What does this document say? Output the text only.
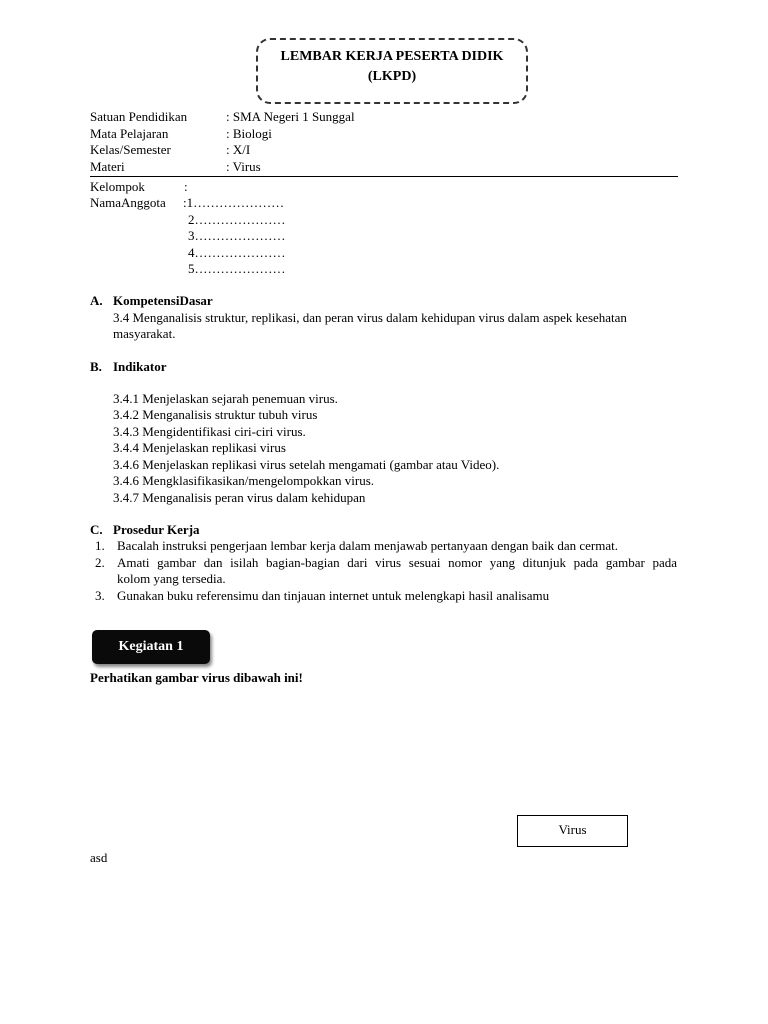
LEMBAR KERJA PESERTA DIDIK
(LKPD)
Satuan Pendidikan	: SMA Negeri 1 Sunggal
Mata Pelajaran	: Biologi
Kelas/Semester	: X/I
Materi	: Virus
Kelompok	:
NamaAnggota :1…………………
2…………………
3…………………
4…………………
5…………………
A. KompetensiDasar
3.4 Menganalisis struktur, replikasi, dan peran virus dalam kehidupan virus dalam aspek kesehatan
masyarakat.
B. Indikator
3.4.1 Menjelaskan sejarah penemuan virus.
3.4.2 Menganalisis struktur tubuh virus
3.4.3 Mengidentifikasi ciri-ciri virus.
3.4.4 Menjelaskan replikasi virus
3.4.6 Menjelaskan replikasi virus setelah mengamati (gambar atau Video).
3.4.6 Mengklasifikasikan/mengelompokkan virus.
3.4.7 Menganalisis peran virus dalam kehidupan
C. Prosedur Kerja
1. Bacalah instruksi pengerjaan lembar kerja dalam menjawab pertanyaan dengan baik dan cermat.
2. Amati gambar dan isilah bagian-bagian dari virus sesuai nomor yang ditunjuk pada gambar pada
kolom yang tersedia.
3. Gunakan buku referensimu dan tinjauan internet untuk melengkapi hasil analisamu
Kegiatan 1
Perhatikan gambar virus dibawah ini!
Virus
asd
